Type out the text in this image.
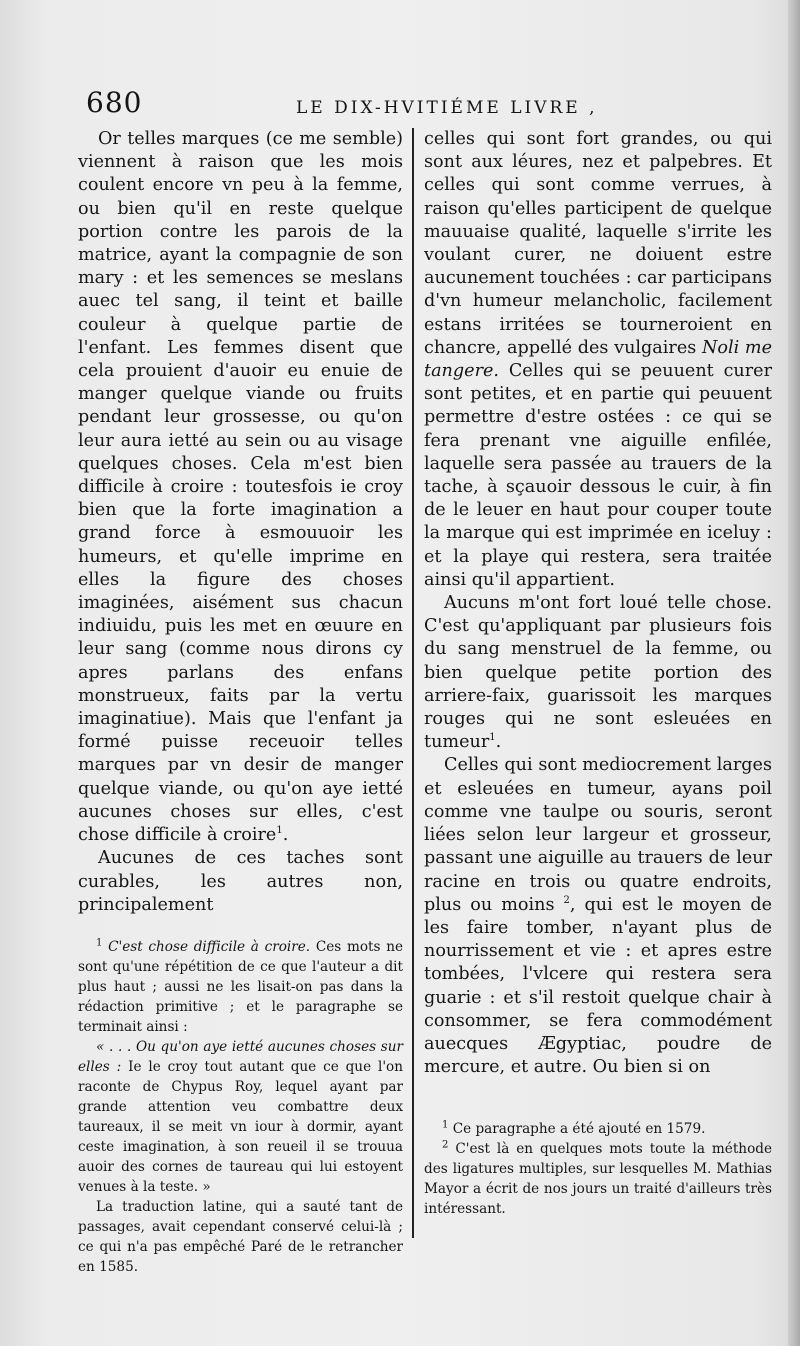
680	LE DIX-HVITIÉME LIVRE ,

Or telles marques (ce me semble) viennent à raison que les mois coulent encore vn peu à la femme, ou bien qu'il en reste quelque portion contre les parois de la matrice, ayant la compagnie de son mary : et les semences se meslans auec tel sang, il teint et baille couleur à quelque partie de l'enfant. Les femmes disent que cela prouient d'auoir eu enuie de manger quelque viande ou fruits pendant leur grossesse, ou qu'on leur aura ietté au sein ou au visage quelques choses. Cela m'est bien difficile à croire : toutesfois ie croy bien que la forte imagination a grand force à esmouuoir les humeurs, et qu'elle imprime en elles la figure des choses imaginées, aisément sus chacun indiuidu, puis les met en œuure en leur sang (comme nous dirons cy apres parlans des enfans monstrueux, faits par la vertu imaginatiue). Mais que l'enfant ja formé puisse receuoir telles marques par vn desir de manger quelque viande, ou qu'on aye ietté aucunes choses sur elles, c'est chose difficile à croire$^1$.

Aucunes de ces taches sont curables, les autres non, principalement

$^1$ C'est chose difficile à croire. Ces mots ne sont qu'une répétition de ce que l'auteur a dit plus haut ; aussi ne les lisait-on pas dans la rédaction primitive ; et le paragraphe se terminait ainsi :

« . . . Ou qu'on aye ietté aucunes choses sur elles : Ie le croy tout autant que ce que l'on raconte de Chypus Roy, lequel ayant par grande attention veu combattre deux taureaux, il se meit vn iour à dormir, ayant ceste imagination, à son reueil il se trouua auoir des cornes de taureau qui lui estoyent venues à la teste. »

La traduction latine, qui a sauté tant de passages, avait cependant conservé celui-là ; ce qui n'a pas empêché Paré de le retrancher en 1585.

celles qui sont fort grandes, ou qui sont aux léures, nez et palpebres. Et celles qui sont comme verrues, à raison qu'elles participent de quelque mauuaise qualité, laquelle s'irrite les voulant curer, ne doiuent estre aucunement touchées : car participans d'vn humeur melancholic, facilement estans irritées se tourneroient en chancre, appellé des vulgaires Noli me tangere. Celles qui se peuuent curer sont petites, et en partie qui peuuent permettre d'estre ostées : ce qui se fera prenant vne aiguille enfilée, laquelle sera passée au trauers de la tache, à sçauoir dessous le cuir, à fin de le leuer en haut pour couper toute la marque qui est imprimée en iceluy : et la playe qui restera, sera traitée ainsi qu'il appartient.

Aucuns m'ont fort loué telle chose. C'est qu'appliquant par plusieurs fois du sang menstruel de la femme, ou bien quelque petite portion des arriere-faix, guarissoit les marques rouges qui ne sont esleuées en tumeur$^1$.

Celles qui sont mediocrement larges et esleuées en tumeur, ayans poil comme vne taulpe ou souris, seront liées selon leur largeur et grosseur, passant une aiguille au trauers de leur racine en trois ou quatre endroits, plus ou moins $^2$, qui est le moyen de les faire tomber, n'ayant plus de nourrissement et vie : et apres estre tombées, l'vlcere qui restera sera guarie : et s'il restoit quelque chair à consommer, se fera commodément auecques Ægyptiac, poudre de mercure, et autre. Ou bien si on

$^1$ Ce paragraphe a été ajouté en 1579.

$^2$ C'est là en quelques mots toute la méthode des ligatures multiples, sur lesquelles M. Mathias Mayor a écrit de nos jours un traité d'ailleurs très intéressant.
